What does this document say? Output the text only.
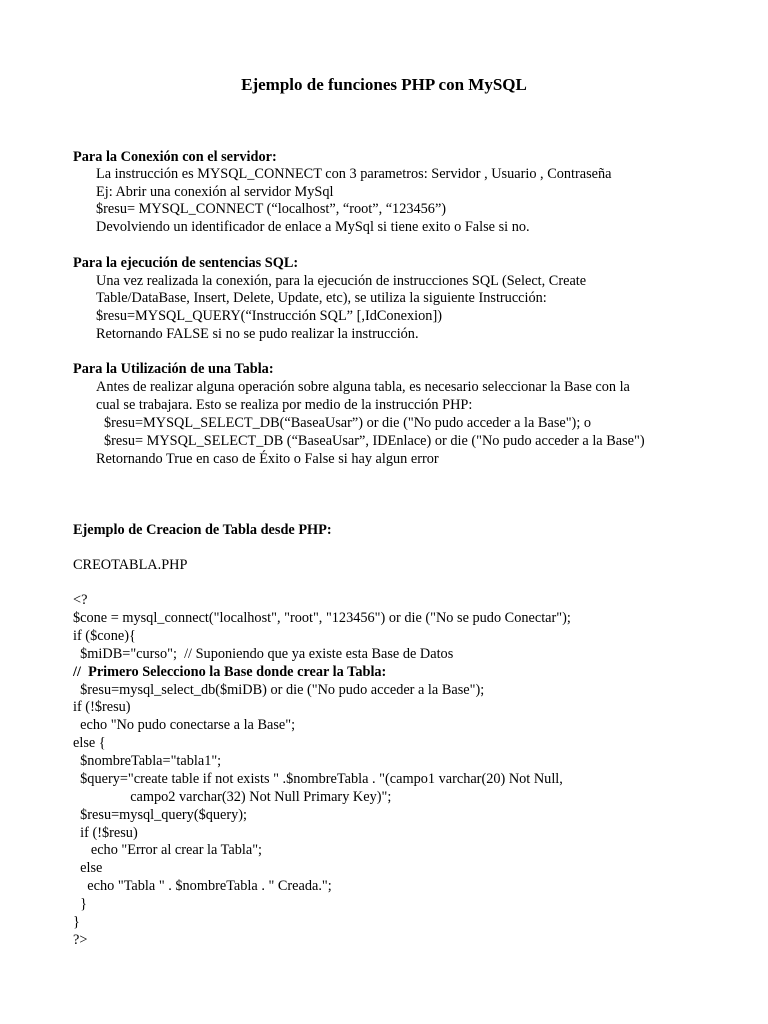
Ejemplo de funciones PHP con MySQL
Para la Conexión con el servidor:
La instrucción es MYSQL_CONNECT con 3 parametros: Servidor , Usuario , Contraseña
Ej: Abrir una conexión al servidor MySql
$resu= MYSQL_CONNECT (“localhost”, “root”, “123456”)
Devolviendo un identificador de enlace a MySql si tiene exito o False si no.
Para la ejecución de sentencias SQL:
Una vez realizada la conexión, para la ejecución de instrucciones SQL (Select, Create
Table/DataBase, Insert, Delete, Update, etc), se utiliza la siguiente Instrucción:
$resu=MYSQL_QUERY(“Instrucción SQL” [,IdConexion])
Retornando FALSE si no se pudo realizar la instrucción.
Para la Utilización de una Tabla:
Antes de realizar alguna operación sobre alguna tabla, es necesario seleccionar la Base con la
cual se trabajara. Esto se realiza por medio de la instrucción PHP:
$resu=MYSQL_SELECT_DB(“BaseaUsar”) or die ("No pudo acceder a la Base"); o
$resu= MYSQL_SELECT_DB (“BaseaUsar”, IDEnlace) or die ("No pudo acceder a la Base")
Retornando True en caso de Éxito o False si hay algun error
Ejemplo de Creacion de Tabla desde PHP:
CREOTABLA.PHP
<?
$cone = mysql_connect("localhost", "root", "123456") or die ("No se pudo Conectar");
if ($cone){
$miDB="curso";  // Suponiendo que ya existe esta Base de Datos
//  Primero Selecciono la Base donde crear la Tabla:
$resu=mysql_select_db($miDB) or die ("No pudo acceder a la Base");
if (!$resu)
echo "No pudo conectarse a la Base";
else {
$nombreTabla="tabla1";
$query="create table if not exists " .$nombreTabla . "(campo1 varchar(20) Not Null,
campo2 varchar(32) Not Null Primary Key)";
$resu=mysql_query($query);
if (!$resu)
echo "Error al crear la Tabla";
else
echo "Tabla " . $nombreTabla . " Creada.";
}
}
?>
